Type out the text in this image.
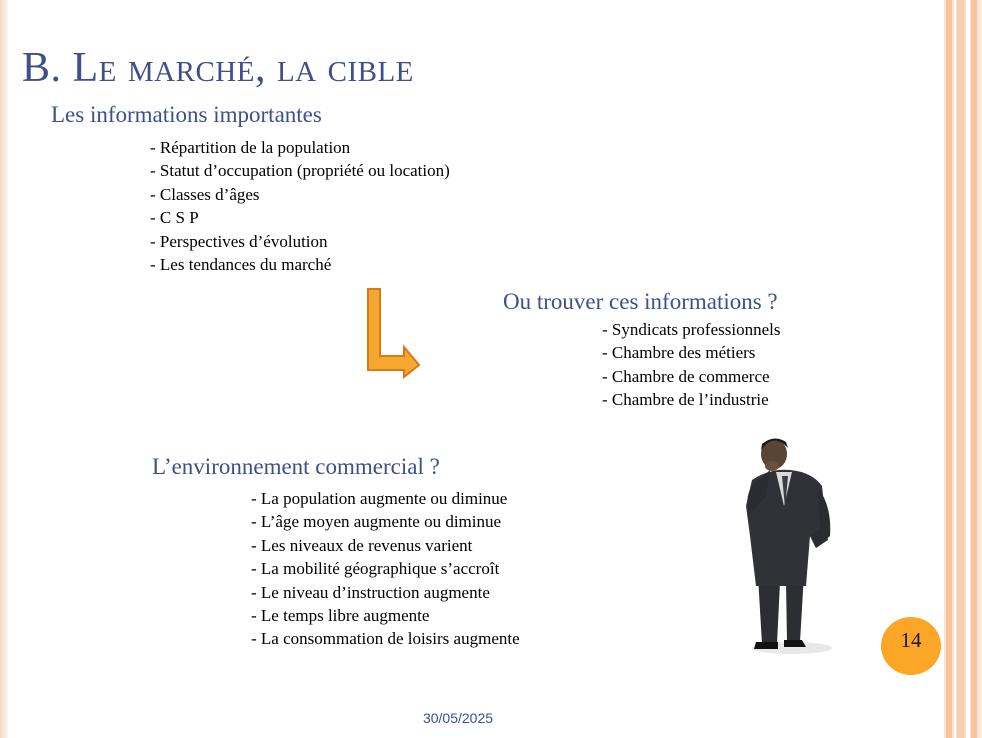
B. Le marché, la cible
Les informations importantes
- Répartition de la population
- Statut d’occupation (propriété ou location)
- Classes d’âges
- C S P
- Perspectives d’évolution
- Les tendances du marché
Ou trouver ces informations ?
- Syndicats professionnels
- Chambre des métiers
- Chambre de commerce
- Chambre de l’industrie
L’environnement commercial ?
- La population augmente ou diminue
- L’âge moyen augmente ou diminue
- Les niveaux de revenus varient
- La mobilité géographique s’accroît
- Le niveau d’instruction augmente
- Le temps libre augmente
- La consommation de loisirs augmente	14
30/05/2025
